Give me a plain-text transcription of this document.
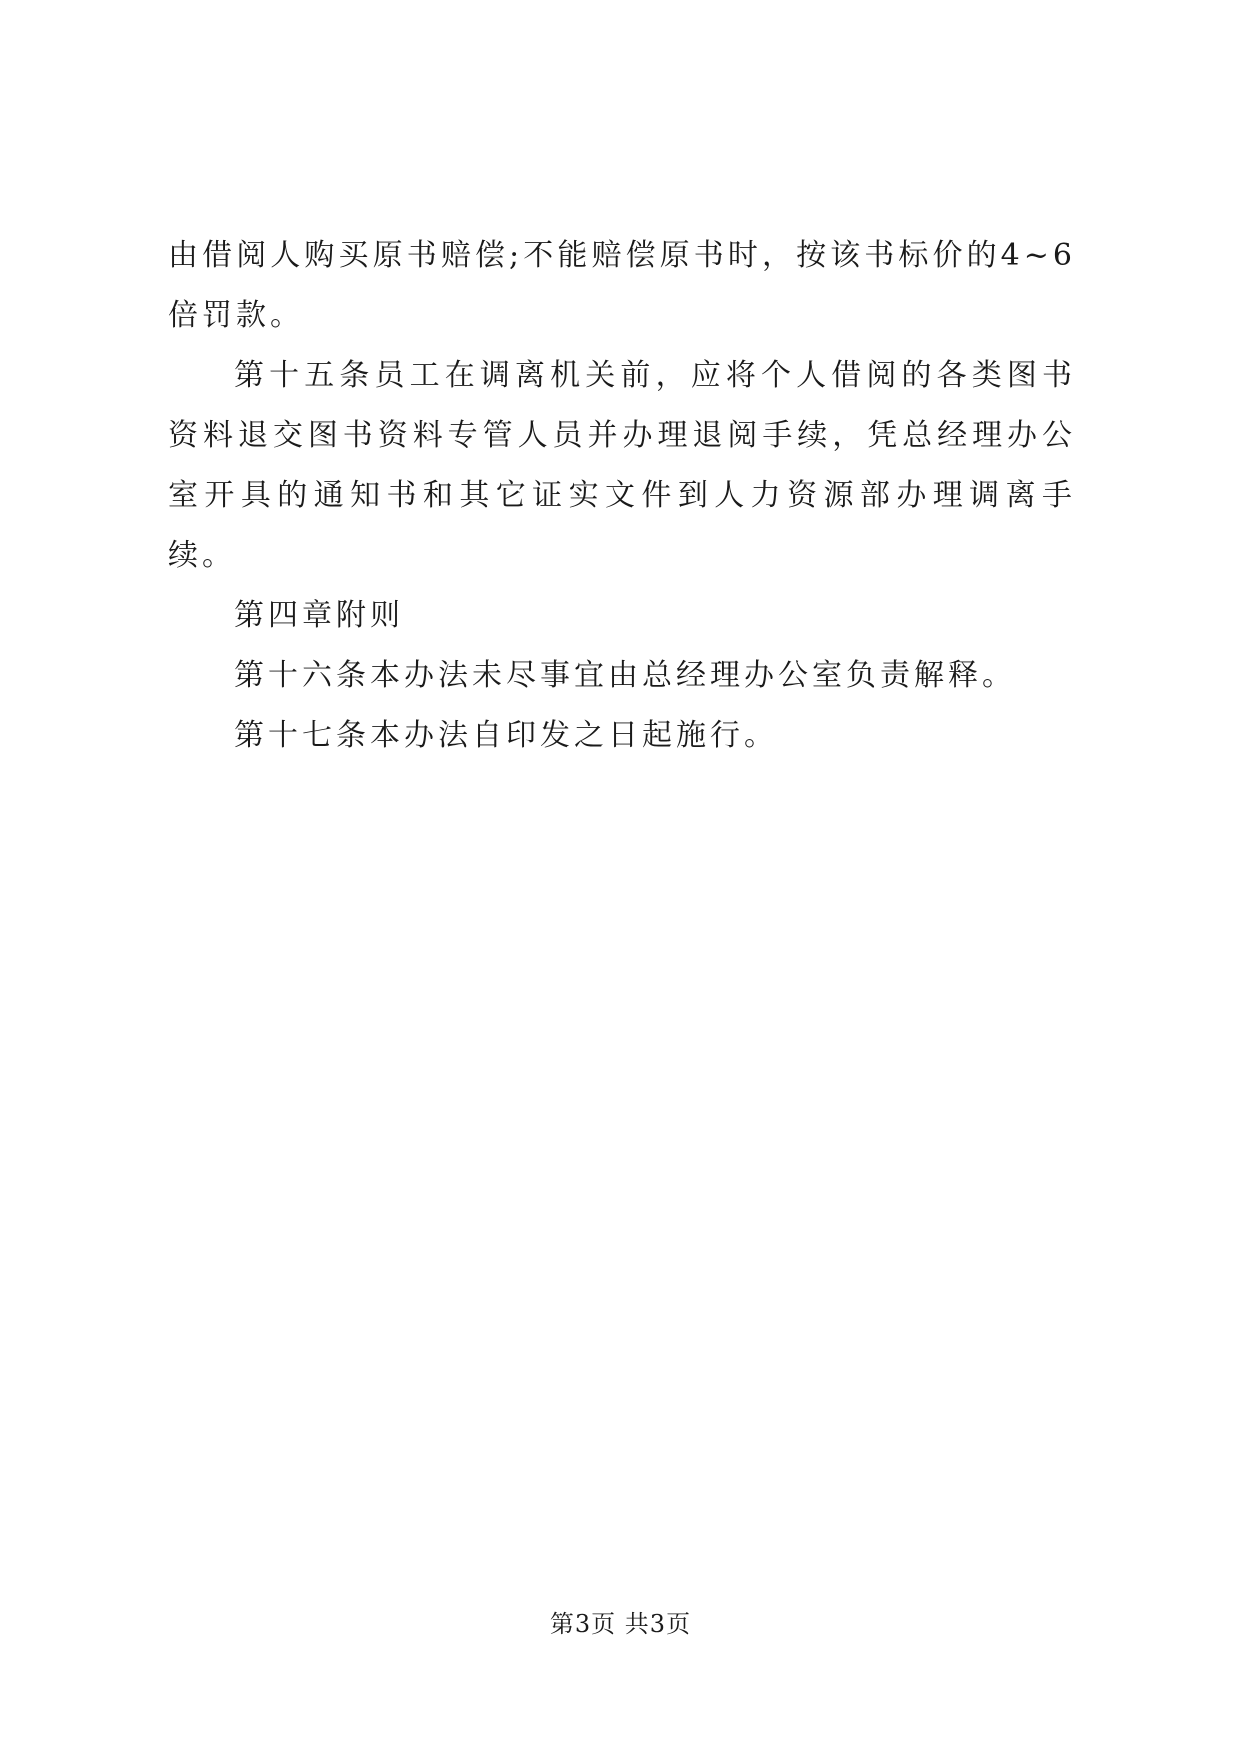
由借阅人购买原书赔偿;不能赔偿原书时，按该书标价的4~6倍罚款。

第十五条员工在调离机关前，应将个人借阅的各类图书资料退交图书资料专管人员并办理退阅手续，凭总经理办公室开具的通知书和其它证实文件到人力资源部办理调离手续。

第四章附则

第十六条本办法未尽事宜由总经理办公室负责解释。

第十七条本办法自印发之日起施行。

第3页 共3页
